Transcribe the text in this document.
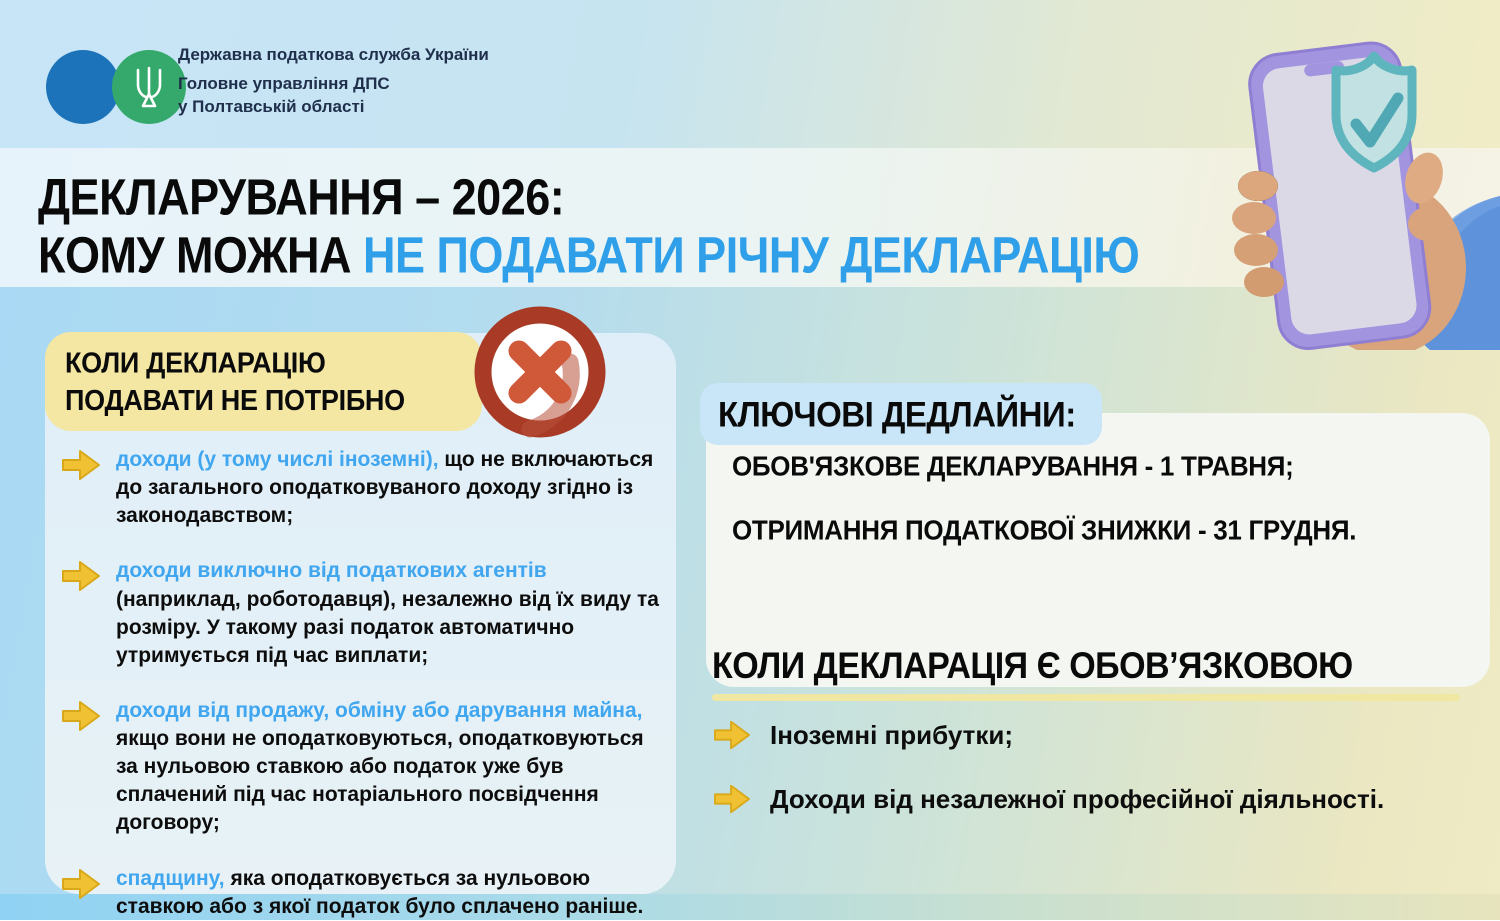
Державна податкова служба України
Головне управління ДПС
у Полтавській області
ДЕКЛАРУВАННЯ – 2026:
КОМУ МОЖНА НЕ ПОДАВАТИ РІЧНУ ДЕКЛАРАЦІЮ
КОЛИ ДЕКЛАРАЦІЮ
ПОДАВАТИ НЕ ПОТРІБНО
доходи (у тому числі іноземні), що не включаються до загального оподатковуваного доходу згідно із законодавством;
доходи виключно від податкових агентів (наприклад, роботодавця), незалежно від їх виду та розміру. У такому разі податок автоматично утримується під час виплати;
доходи від продажу, обміну або дарування майна, якщо вони не оподатковуються, оподатковуються за нульовою ставкою або податок уже був сплачений під час нотаріального посвідчення договору;
спадщину, яка оподатковується за нульовою ставкою або з якої податок було сплачено раніше.
КЛЮЧОВІ ДЕДЛАЙНИ:
ОБОВ'ЯЗКОВЕ ДЕКЛАРУВАННЯ - 1 ТРАВНЯ;
ОТРИМАННЯ ПОДАТКОВОЇ ЗНИЖКИ - 31 ГРУДНЯ.
КОЛИ ДЕКЛАРАЦІЯ Є ОБОВ’ЯЗКОВОЮ
Іноземні прибутки;
Доходи від незалежної професійної діяльності.
